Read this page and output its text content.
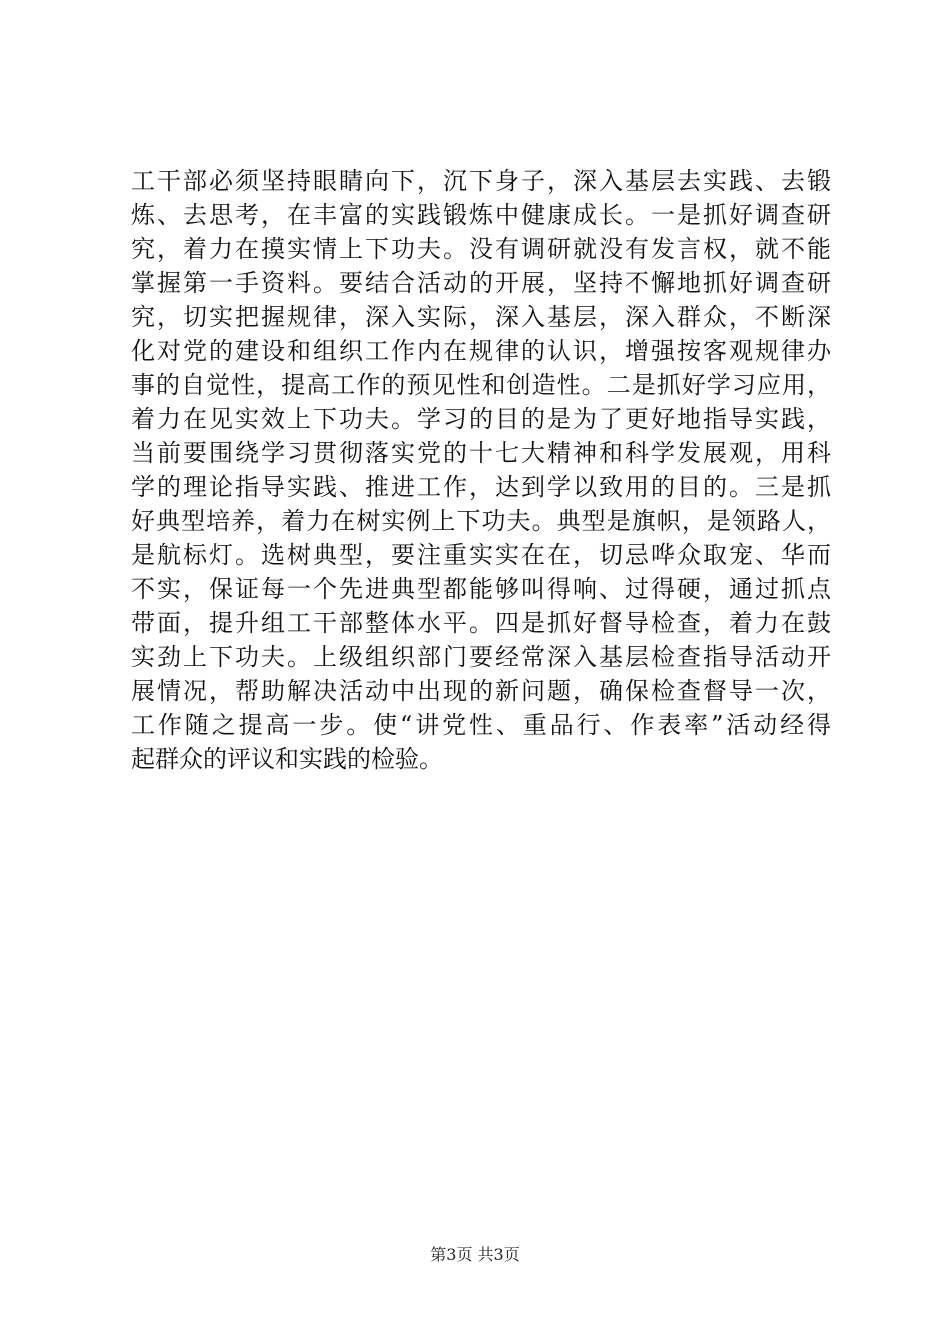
工干部必须坚持眼睛向下，沉下身子，深入基层去实践、去锻
炼、去思考，在丰富的实践锻炼中健康成长。一是抓好调查研
究，着力在摸实情上下功夫。没有调研就没有发言权，就不能
掌握第一手资料。要结合活动的开展，坚持不懈地抓好调查研
究，切实把握规律，深入实际，深入基层，深入群众，不断深
化对党的建设和组织工作内在规律的认识，增强按客观规律办
事的自觉性，提高工作的预见性和创造性。二是抓好学习应用，
着力在见实效上下功夫。学习的目的是为了更好地指导实践，
当前要围绕学习贯彻落实党的十七大精神和科学发展观，用科
学的理论指导实践、推进工作，达到学以致用的目的。三是抓
好典型培养，着力在树实例上下功夫。典型是旗帜，是领路人，
是航标灯。选树典型，要注重实实在在，切忌哗众取宠、华而
不实，保证每一个先进典型都能够叫得响、过得硬，通过抓点
带面，提升组工干部整体水平。四是抓好督导检查，着力在鼓
实劲上下功夫。上级组织部门要经常深入基层检查指导活动开
展情况，帮助解决活动中出现的新问题，确保检查督导一次，
工作随之提高一步。使“讲党性、重品行、作表率”活动经得
起群众的评议和实践的检验。
第3页 共3页
